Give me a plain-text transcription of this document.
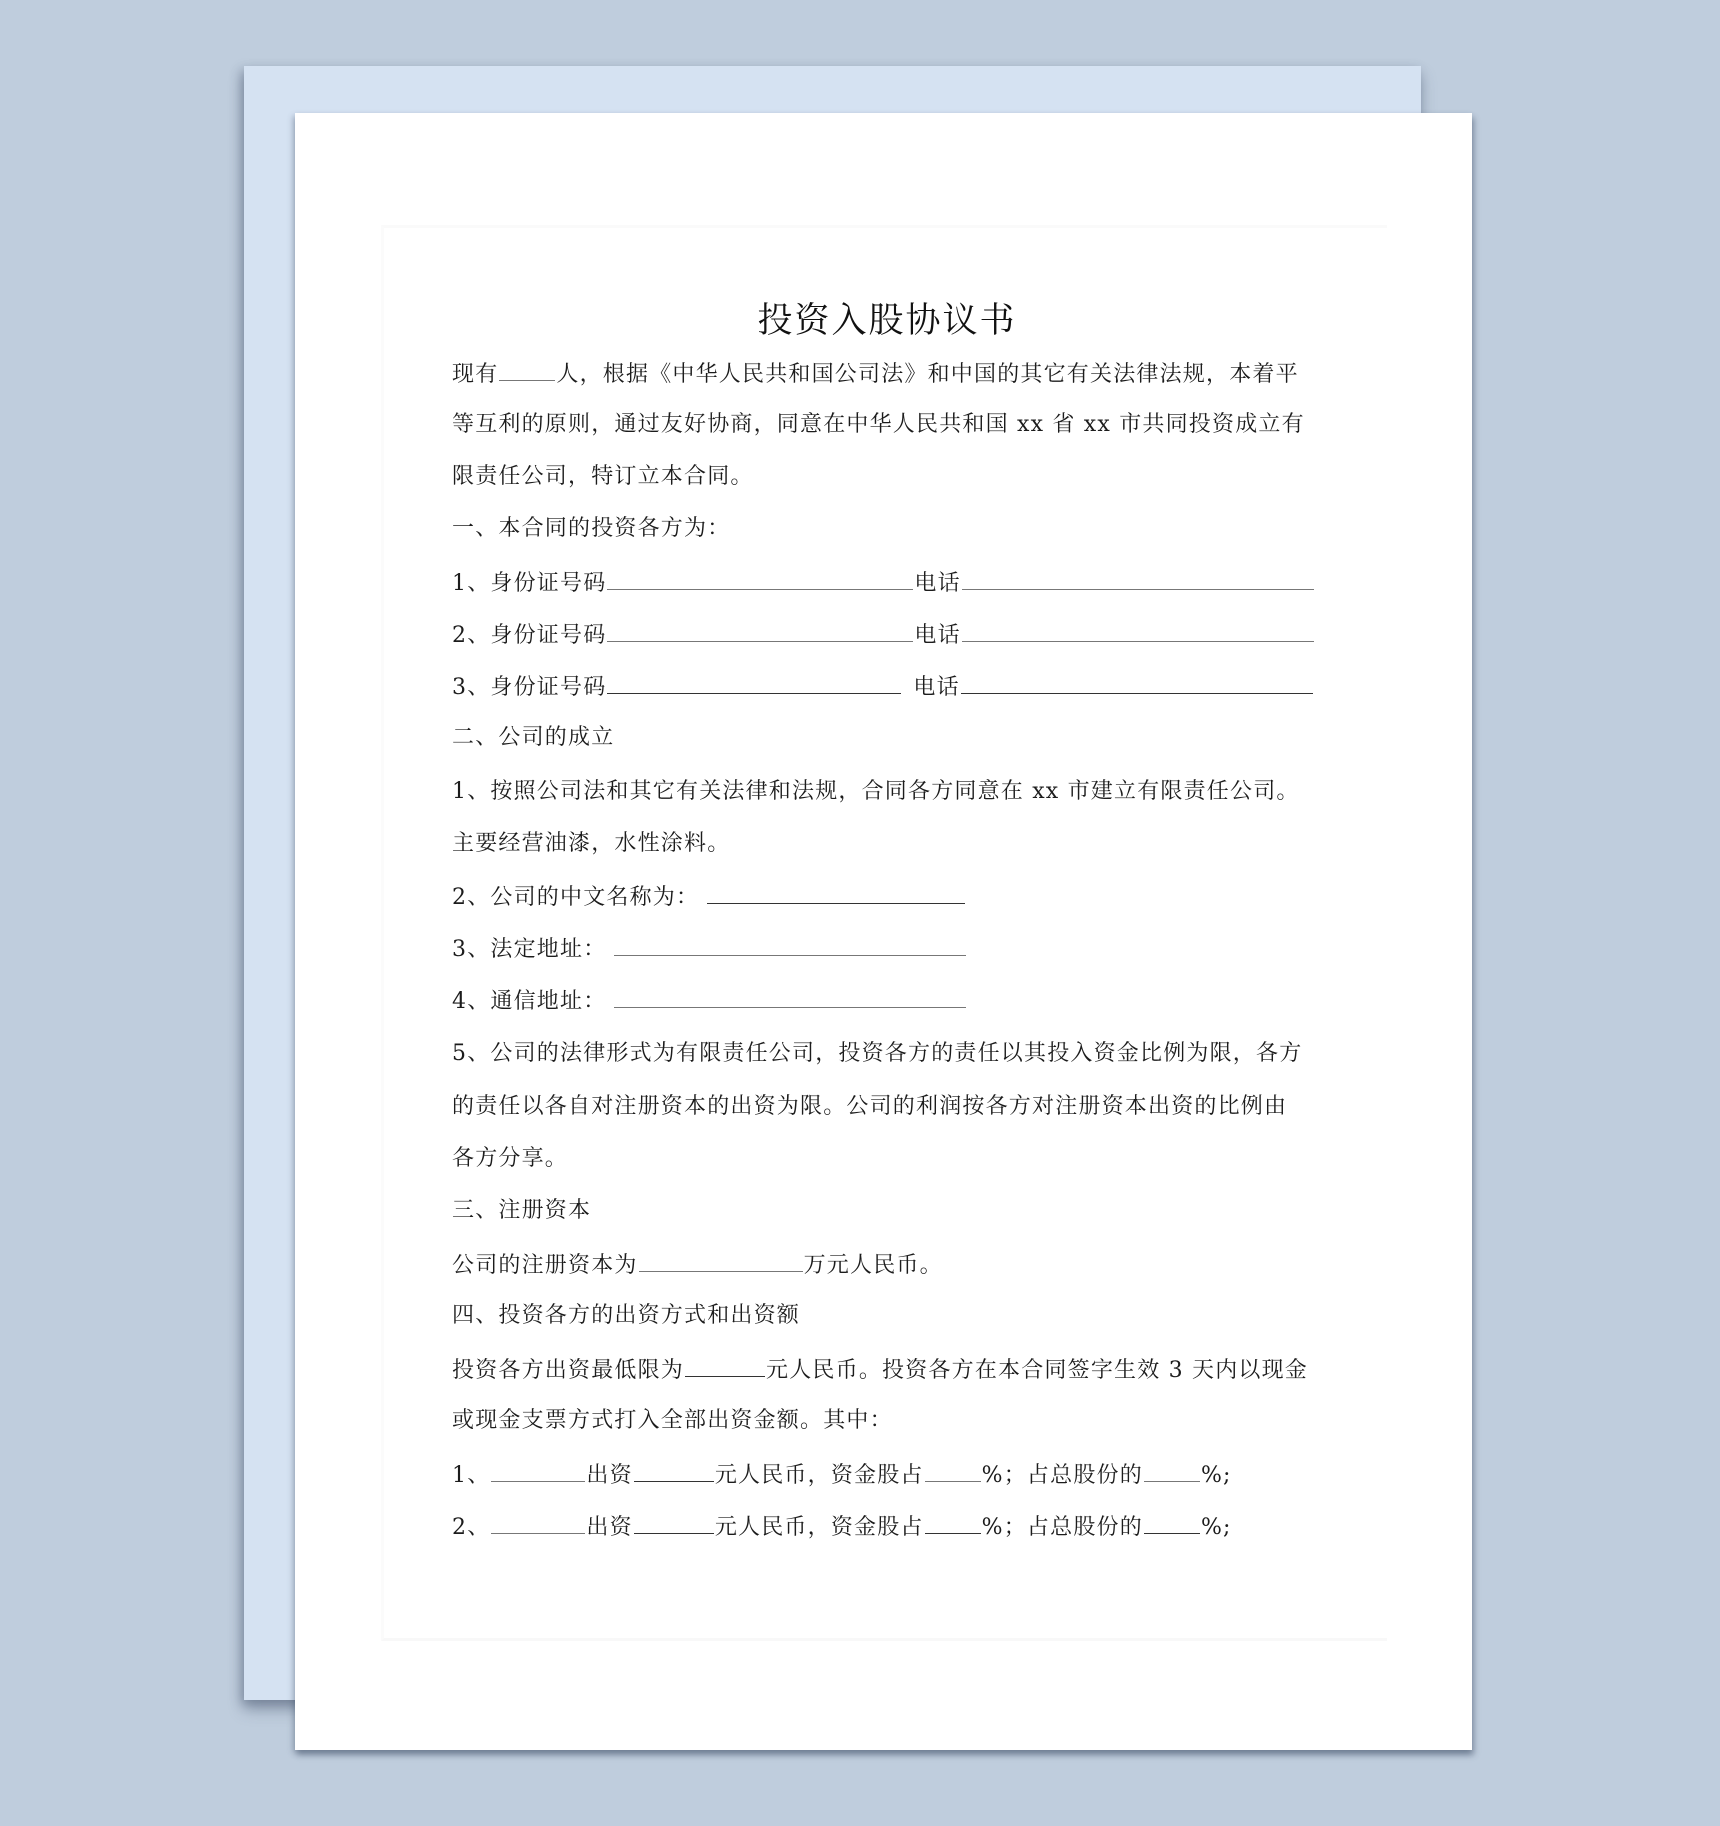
投资入股协议书
现有	人，根据《中华人民共和国公司法》和中国的其它有关法律法规，本着平
等互利的原则，通过友好协商，同意在中华人民共和国 xx 省 xx 市共同投资成立有
限责任公司，特订立本合同。
一、本合同的投资各方为：
1、身份证号码	电话
2、身份证号码	电话
3、身份证号码	电话
二、公司的成立
1、按照公司法和其它有关法律和法规，合同各方同意在 xx 市建立有限责任公司。
主要经营油漆，水性涂料。
2、公司的中文名称为：
3、法定地址：
4、通信地址：
5、公司的法律形式为有限责任公司，投资各方的责任以其投入资金比例为限，各方
的责任以各自对注册资本的出资为限。公司的利润按各方对注册资本出资的比例由
各方分享。
三、注册资本
公司的注册资本为	万元人民币。
四、投资各方的出资方式和出资额
投资各方出资最低限为	元人民币。投资各方在本合同签字生效 3 天内以现金
或现金支票方式打入全部出资金额。其中：
1、	出资	元人民币，资金股占	%；占总股份的	%;
2、	出资	元人民币，资金股占	%；占总股份的	%;
